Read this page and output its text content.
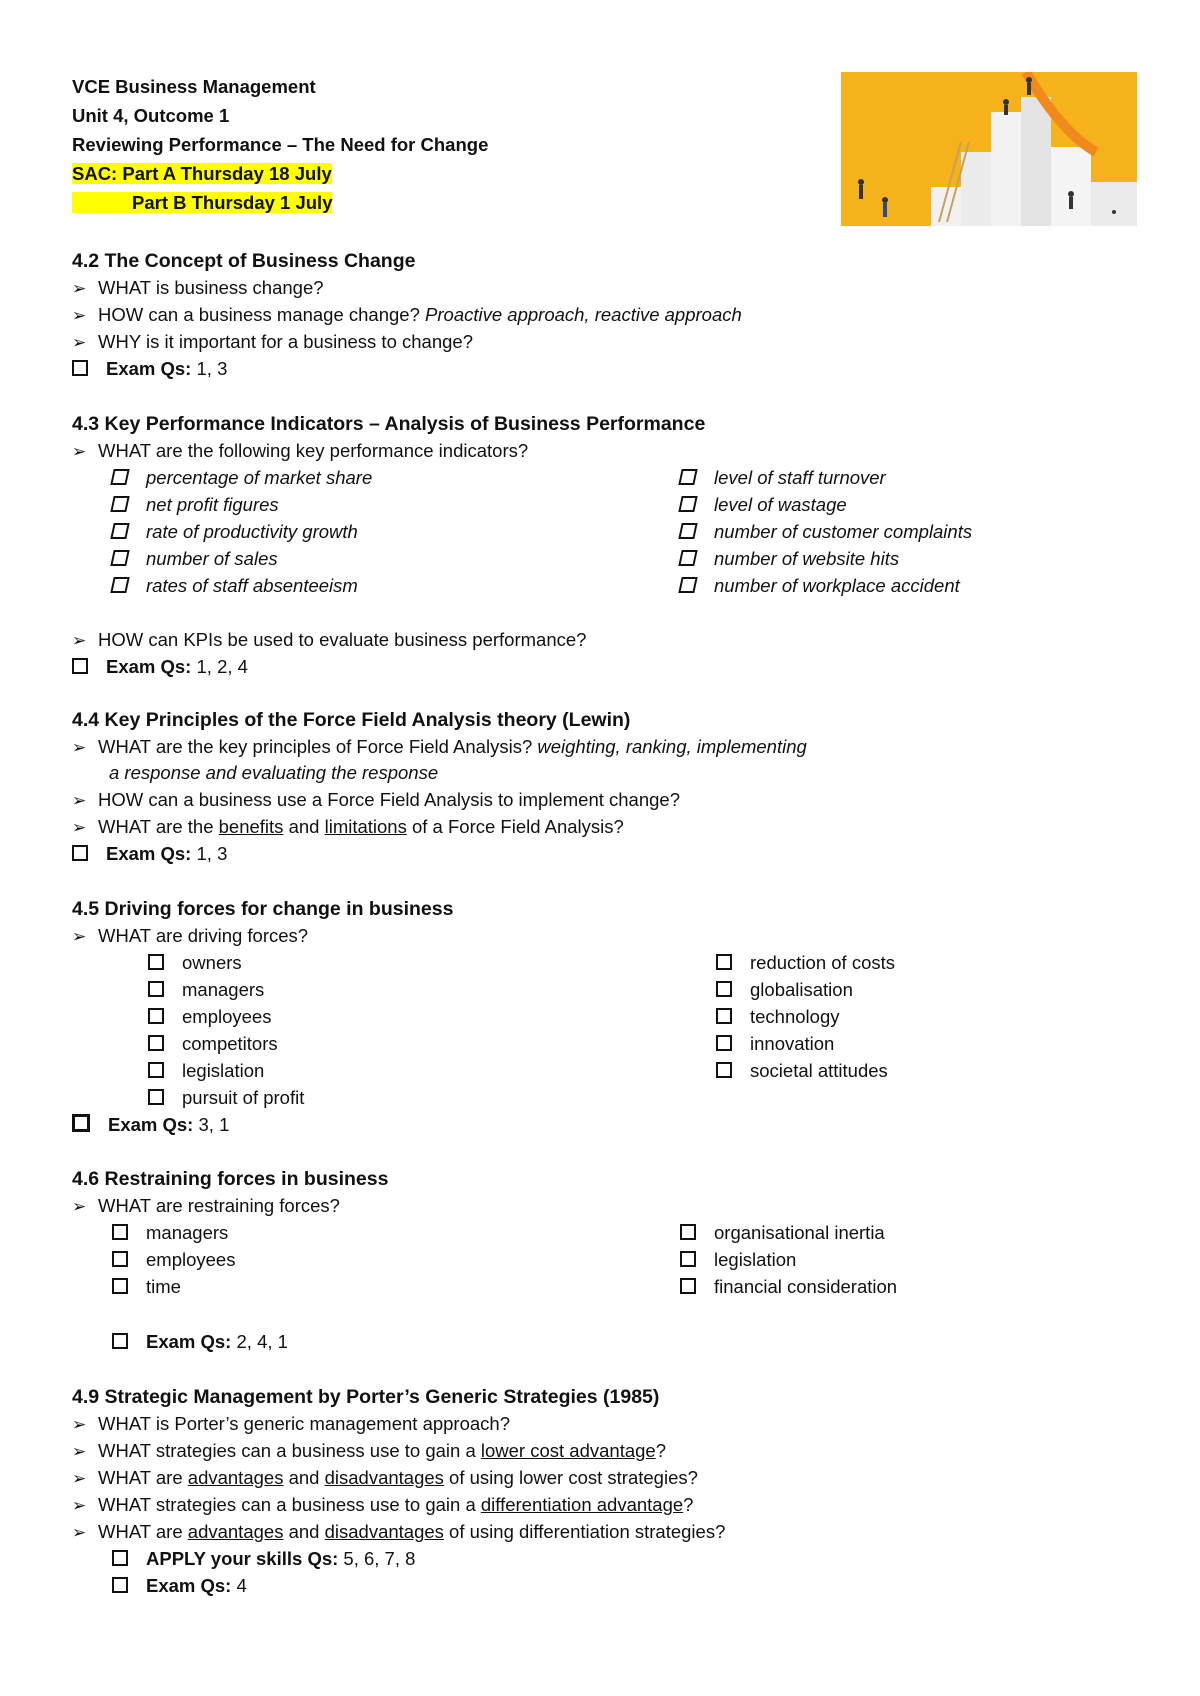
VCE Business Management
Unit 4, Outcome 1
Reviewing Performance – The Need for Change
SAC: Part A Thursday 18 July
Part B Thursday 1 July
4.2 The Concept of Business Change
➢ WHAT is business change?
➢ HOW can a business manage change? Proactive approach, reactive approach
➢ WHY is it important for a business to change?
Exam Qs: 1, 3
4.3 Key Performance Indicators – Analysis of Business Performance
➢ WHAT are the following key performance indicators?
percentage of market share
net profit figures
rate of productivity growth
number of sales
rates of staff absenteeism
level of staff turnover
level of wastage
number of customer complaints
number of website hits
number of workplace accident
➢ HOW can KPIs be used to evaluate business performance?
Exam Qs: 1, 2, 4
4.4 Key Principles of the Force Field Analysis theory (Lewin)
➢ WHAT are the key principles of Force Field Analysis? weighting, ranking, implementing
a response and evaluating the response
➢ HOW can a business use a Force Field Analysis to implement change?
➢ WHAT are the benefits and limitations of a Force Field Analysis?
Exam Qs: 1, 3
4.5 Driving forces for change in business
➢ WHAT are driving forces?
owners
managers
employees
competitors
legislation
pursuit of profit
reduction of costs
globalisation
technology
innovation
societal attitudes
Exam Qs: 3, 1
4.6 Restraining forces in business
➢ WHAT are restraining forces?
managers
employees
time
organisational inertia
legislation
financial consideration
Exam Qs: 2, 4, 1
4.9 Strategic Management by Porter’s Generic Strategies (1985)
➢ WHAT is Porter’s generic management approach?
➢ WHAT strategies can a business use to gain a lower cost advantage?
➢ WHAT are advantages and disadvantages of using lower cost strategies?
➢ WHAT strategies can a business use to gain a differentiation advantage?
➢ WHAT are advantages and disadvantages of using differentiation strategies?
APPLY your skills Qs: 5, 6, 7, 8
Exam Qs: 4
